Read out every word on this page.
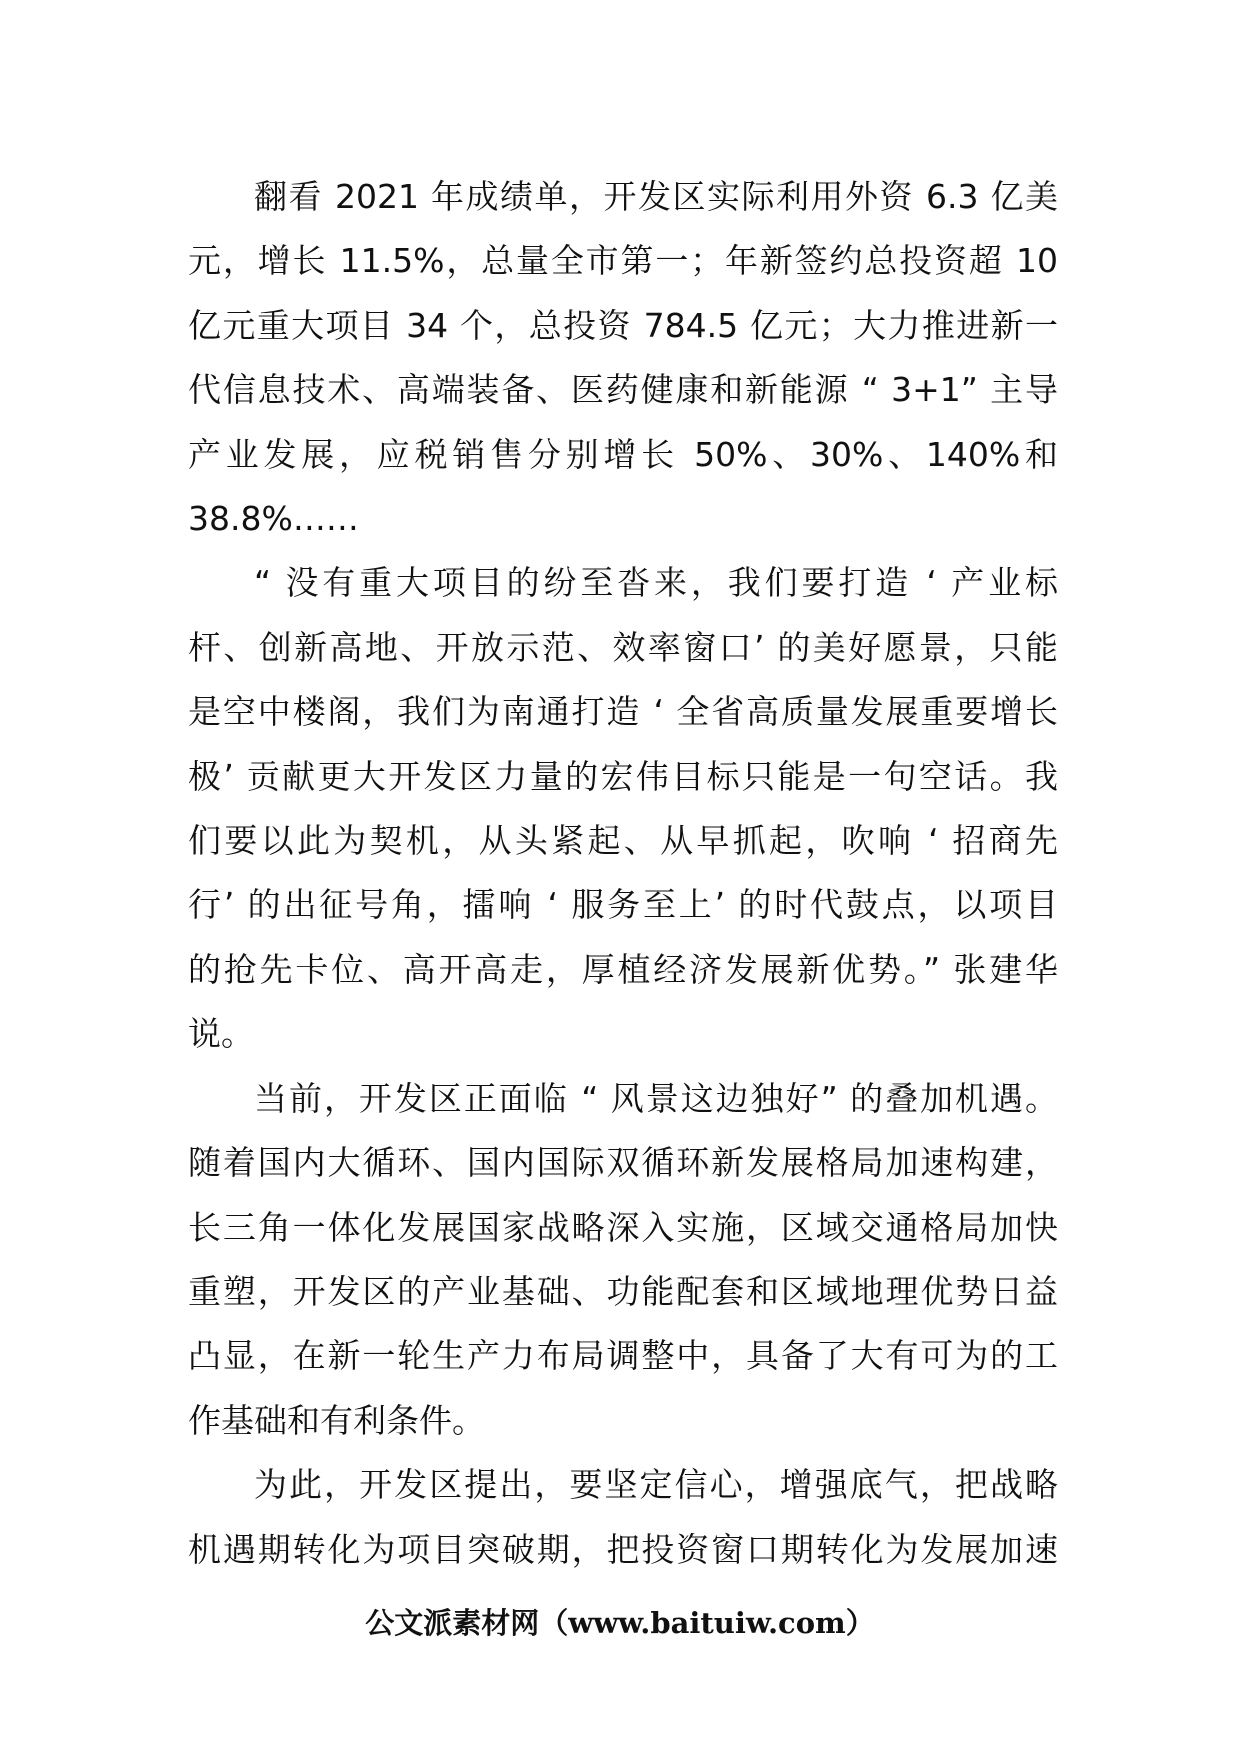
翻看 2021 年成绩单，开发区实际利用外资 6.3 亿美
元，增长 11.5%，总量全市第一；年新签约总投资超 10
亿元重大项目 34 个，总投资 784.5 亿元；大力推进新一
代信息技术、高端装备、医药健康和新能源 “ 3+1” 主导
产业发展，应税销售分别增长 50%、30%、140%和
38.8%……

“ 没有重大项目的纷至沓来，我们要打造 ‘ 产业标
杆、创新高地、开放示范、效率窗口’ 的美好愿景，只能
是空中楼阁，我们为南通打造 ‘ 全省高质量发展重要增长
极’ 贡献更大开发区力量的宏伟目标只能是一句空话。我
们要以此为契机，从头紧起、从早抓起，吹响 ‘ 招商先
行’ 的出征号角，擂响 ‘ 服务至上’ 的时代鼓点，以项目
的抢先卡位、高开高走，厚植经济发展新优势。” 张建华
说。

当前，开发区正面临 “ 风景这边独好” 的叠加机遇。
随着国内大循环、国内国际双循环新发展格局加速构建，
长三角一体化发展国家战略深入实施，区域交通格局加快
重塑，开发区的产业基础、功能配套和区域地理优势日益
凸显，在新一轮生产力布局调整中，具备了大有可为的工
作基础和有利条件。

为此，开发区提出，要坚定信心，增强底气，把战略
机遇期转化为项目突破期，把投资窗口期转化为发展加速

公文派素材网（www.baituiw.com）
